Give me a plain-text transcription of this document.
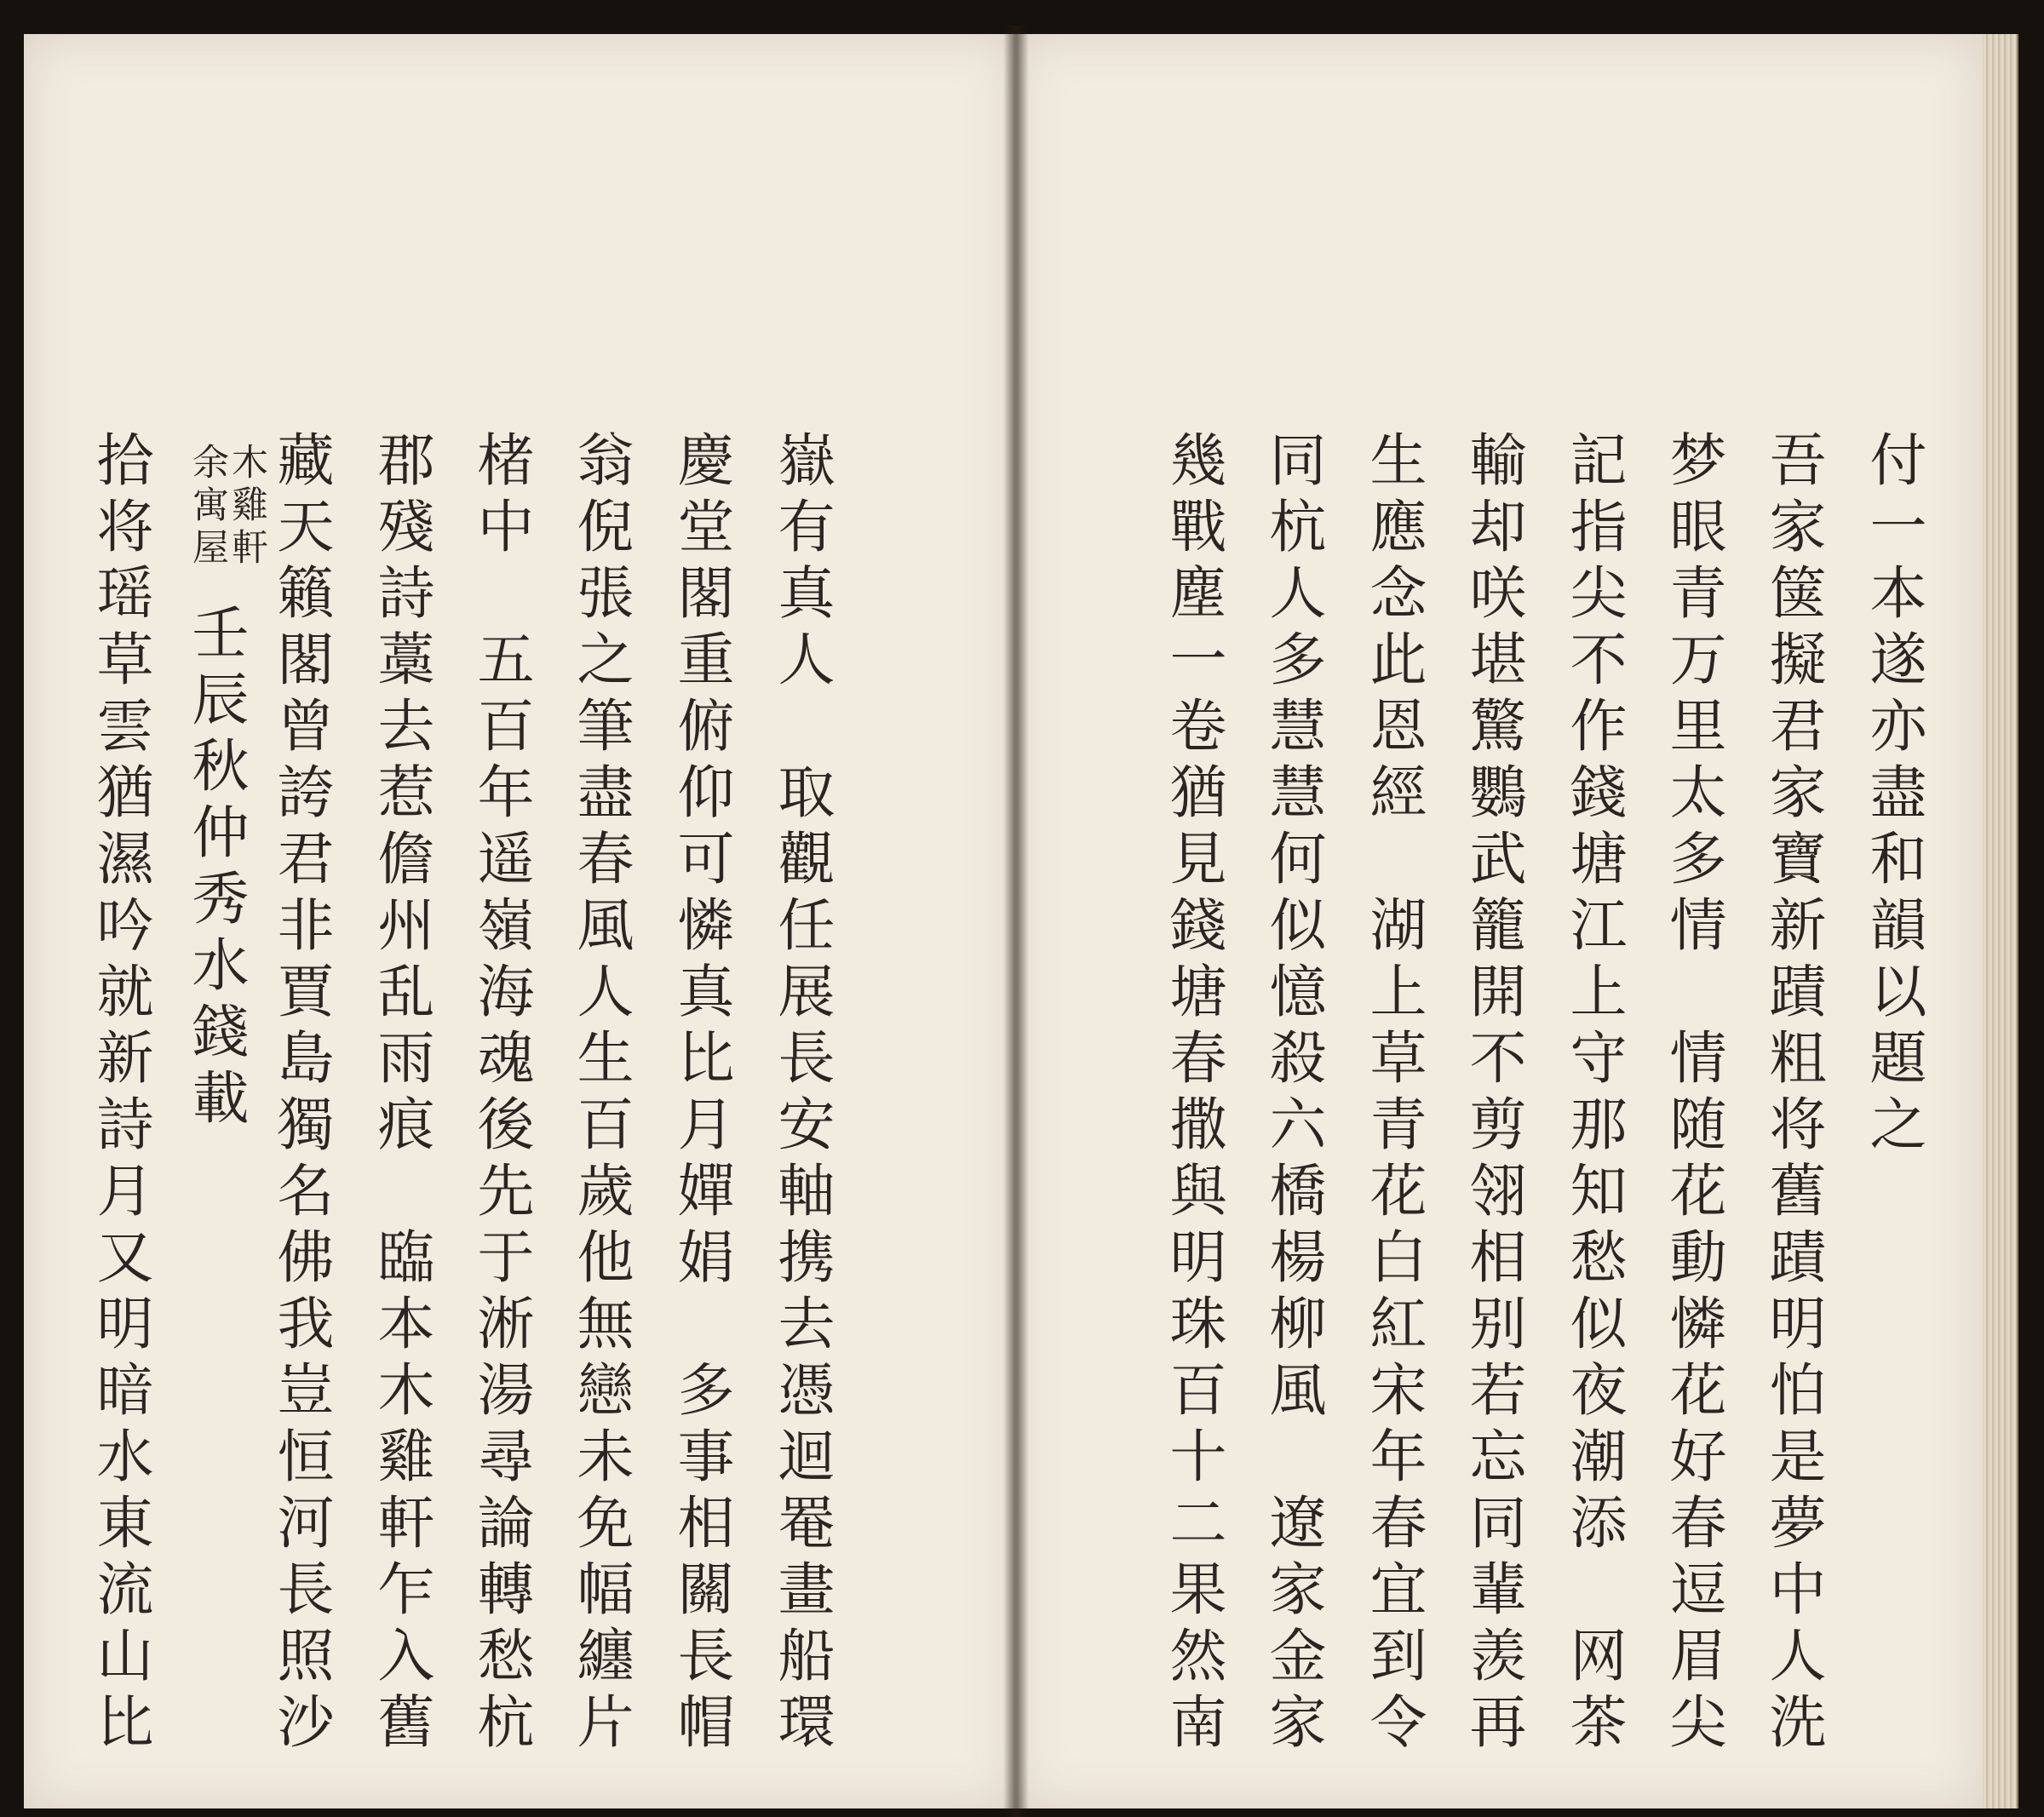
付一本遂亦盡和韻以題之
吾家箧擬君家寶新蹟粗将舊蹟明怕是夢中人洗
梦眼青万里太多情　情随花動憐花好春逗眉尖
記指尖不作錢塘江上守那知愁似夜潮添　网茶
輸却咲堪驚鸚武籠開不剪翎相别若忘同輩羡再
生應念此恩經　湖上草青花白紅宋年春宜到令
同杭人多慧慧何似憶殺六橋楊柳風　遼家金家
幾戰塵一卷猶見錢塘春撒與明珠百十二果然南
嶽有真人　取觀任展長安軸携去憑迴罨畫船環
慶堂閣重俯仰可憐真比月嬋娟　多事相關長帽
翁倪張之筆盡春風人生百歲他無戀未免幅纏片
楮中　五百年遥嶺海魂後先于淅湯尋論轉愁杭
郡殘詩藁去惹儋州乱雨痕　臨本木雞軒乍入舊
藏天籟閣曾誇君非賈島獨名佛我豈恒河長照沙
木雞軒
余寓屋
壬辰秋仲秀水錢載
拾将瑶草雲猶濕吟就新詩月又明暗水東流山比
